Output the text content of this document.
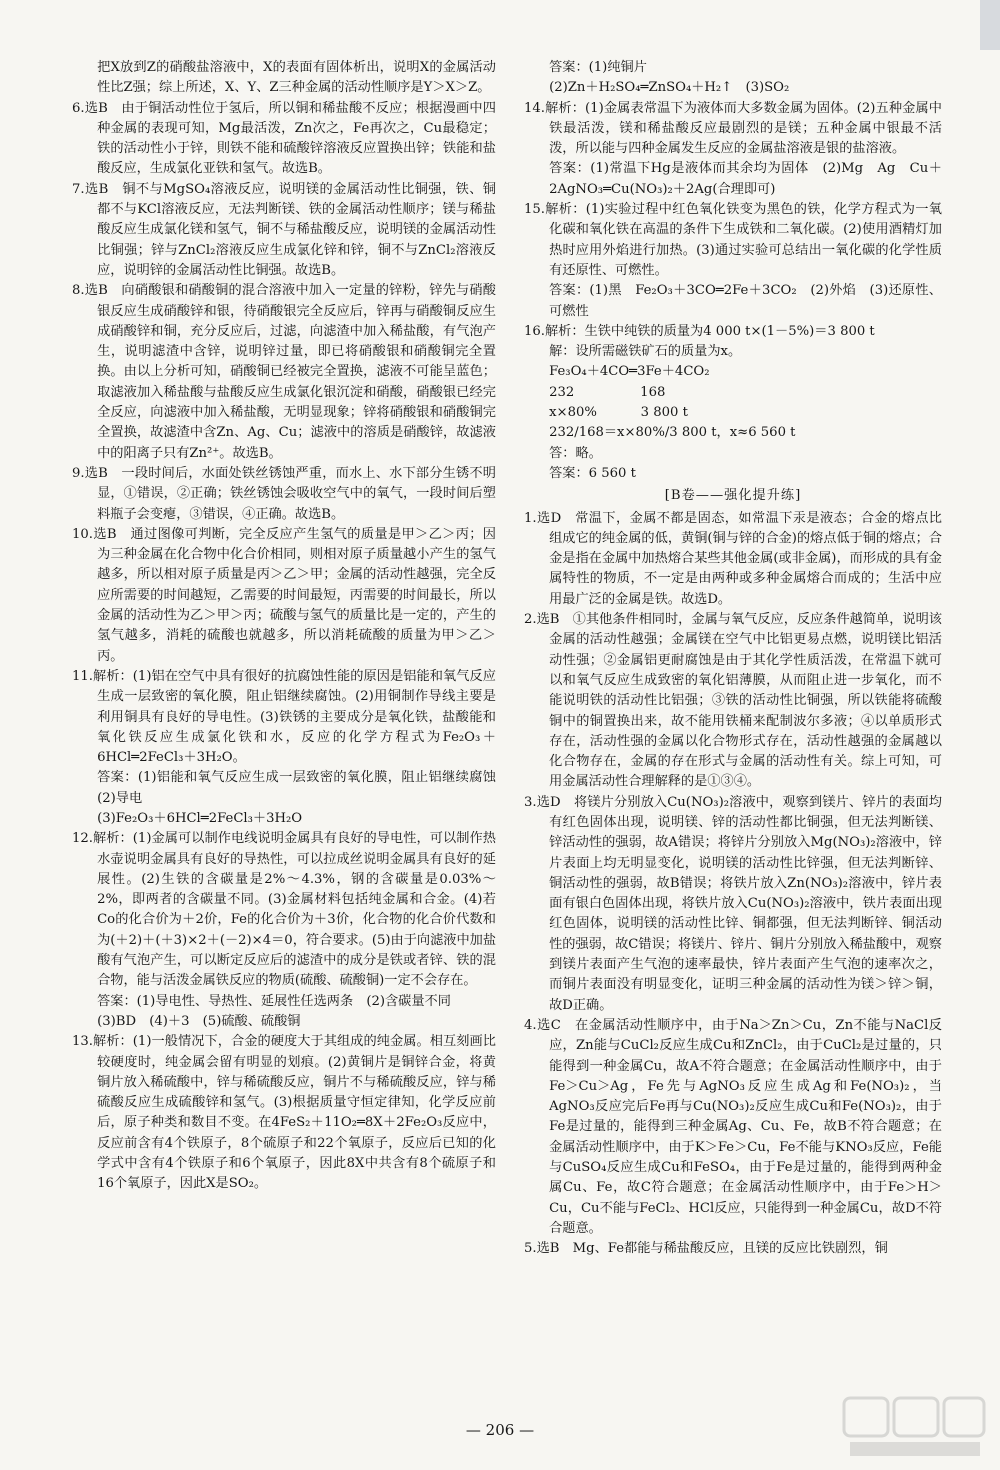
把X放到Z的硝酸盐溶液中，X的表面有固体析出，说明X的金属活动性比Z强；综上所述，X、Y、Z三种金属的活动性顺序是Y＞X＞Z。

6.选B　由于铜活动性位于氢后，所以铜和稀盐酸不反应；根据漫画中四种金属的表现可知，Mg最活泼，Zn次之，Fe再次之，Cu最稳定；铁的活动性小于锌，則铁不能和硫酸锌溶液反应置换出锌；铁能和盐酸反应，生成氯化亚铁和氢气。故选B。

7.选B　铜不与MgSO₄溶液反应，说明镁的金属活动性比铜强，铁、铜都不与KCl溶液反应，无法判断镁、铁的金属活动性顺序；镁与稀盐酸反应生成氯化镁和氢气，铜不与稀盐酸反应，说明镁的金属活动性比铜强；锌与ZnCl₂溶液反应生成氯化锌和锌，铜不与ZnCl₂溶液反应，说明锌的金属活动性比铜强。故选B。

8.选B　向硝酸银和硝酸铜的混合溶液中加入一定量的锌粉，锌先与硝酸银反应生成硝酸锌和银，待硝酸银完全反应后，锌再与硝酸铜反应生成硝酸锌和铜，充分反应后，过滤，向滤渣中加入稀盐酸，有气泡产生，说明滤渣中含锌，说明锌过量，即已将硝酸银和硝酸铜完全置换。由以上分析可知，硝酸铜已经被完全置换，滤液不可能呈蓝色；取滤液加入稀盐酸与盐酸反应生成氯化银沉淀和硝酸，硝酸银已经完全反应，向滤液中加入稀盐酸，无明显现象；锌将硝酸银和硝酸铜完全置换，故滤渣中含Zn、Ag、Cu；滤液中的溶质是硝酸锌，故滤液中的阳离子只有Zn²⁺。故选B。

9.选B　一段时间后，水面处铁丝锈蚀严重，而水上、水下部分生锈不明显，①错误，②正确；铁丝锈蚀会吸收空气中的氧气，一段时间后塑料瓶子会变瘪，③错误，④正确。故选B。

10.选B　通过图像可判断，完全反应产生氢气的质量是甲＞乙＞丙；因为三种金属在化合物中化合价相同，则相对原子质量越小产生的氢气越多，所以相对原子质量是丙＞乙＞甲；金属的活动性越强，完全反应所需要的时间越短，乙需要的时间最短，丙需要的时间最长，所以金属的活动性为乙＞甲＞丙；硫酸与氢气的质量比是一定的，产生的氢气越多，消耗的硫酸也就越多，所以消耗硫酸的质量为甲＞乙＞丙。

11.解析：(1)铝在空气中具有很好的抗腐蚀性能的原因是铝能和氧气反应生成一层致密的氧化膜，阻止铝继续腐蚀。(2)用铜制作导线主要是利用铜具有良好的导电性。(3)铁锈的主要成分是氧化铁，盐酸能和氧化铁反应生成氯化铁和水，反应的化学方程式为Fe₂O₃＋6HCl═2FeCl₃＋3H₂O。

答案：(1)铝能和氧气反应生成一层致密的氧化膜，阻止铝继续腐蚀　(2)导电

(3)Fe₂O₃＋6HCl═2FeCl₃＋3H₂O

12.解析：(1)金属可以制作电线说明金属具有良好的导电性，可以制作热水壶说明金属具有良好的导热性，可以拉成丝说明金属具有良好的延展性。(2)生铁的含碳量是2%～4.3%，钢的含碳量是0.03%～2%，即两者的含碳量不同。(3)金属材料包括纯金属和合金。(4)若Co的化合价为＋2价，Fe的化合价为＋3价，化合物的化合价代数和为(＋2)＋(＋3)×2＋(－2)×4＝0，符合要求。(5)由于向滤液中加盐酸有气泡产生，可以断定反应后的滤渣中的成分是铁或者锌、铁的混合物，能与活泼金属铁反应的物质(硫酸、硫酸铜)一定不会存在。

答案：(1)导电性、导热性、延展性任选两条　(2)含碳量不同

(3)BD　(4)＋3　(5)硫酸、硫酸铜

13.解析：(1)一般情况下，合金的硬度大于其组成的纯金属。相互刻画比较硬度时，纯金属会留有明显的划痕。(2)黄铜片是铜锌合金，将黄铜片放入稀硫酸中，锌与稀硫酸反应，铜片不与稀硫酸反应，锌与稀硫酸反应生成硫酸锌和氢气。(3)根据质量守恒定律知，化学反应前后，原子种类和数目不变。在4FeS₂＋11O₂═8X＋2Fe₂O₃反应中，反应前含有4个铁原子，8个硫原子和22个氧原子，反应后已知的化学式中含有4个铁原子和6个氧原子，因此8X中共含有8个硫原子和16个氧原子，因此X是SO₂。

答案：(1)纯铜片

(2)Zn＋H₂SO₄═ZnSO₄＋H₂↑　(3)SO₂

14.解析：(1)金属表常温下为液体而大多数金属为固体。(2)五种金属中铁最活泼，镁和稀盐酸反应最剧烈的是镁；五种金属中银最不活泼，所以能与四种金属发生反应的金属盐溶液是银的盐溶液。

答案：(1)常温下Hg是液体而其余均为固体　(2)Mg　Ag　Cu＋2AgNO₃═Cu(NO₃)₂＋2Ag(合理即可)

15.解析：(1)实验过程中红色氧化铁变为黑色的铁，化学方程式为一氧化碳和氧化铁在高温的条件下生成铁和二氧化碳。(2)使用酒精灯加热时应用外焰进行加热。(3)通过实验可总结出一氧化碳的化学性质有还原性、可燃性。

答案：(1)黑　Fe₂O₃＋3CO═2Fe＋3CO₂　(2)外焰　(3)还原性、可燃性

16.解析：生铁中纯铁的质量为4 000 t×(1－5%)＝3 800 t

解：设所需磁铁矿石的质量为x。

Fe₃O₄＋4CO═3Fe＋4CO₂

232　　　　　168

x×80%　　　 3 800 t

232/168＝x×80%/3 800 t，x≈6 560 t

答：略。

答案：6 560 t

[B卷——强化提升练]

1.选D　常温下，金属不都是固态，如常温下汞是液态；合金的熔点比组成它的纯金属的低，黄铜(铜与锌的合金)的熔点低于铜的熔点；合金是指在金属中加热熔合某些其他金属(或非金属)，而形成的具有金属特性的物质，不一定是由两种或多种金属熔合而成的；生活中应用最广泛的金属是铁。故选D。

2.选B　①其他条件相同时，金属与氧气反应，反应条件越简单，说明该金属的活动性越强；金属镁在空气中比铝更易点燃，说明镁比铝活动性强；②金属铝更耐腐蚀是由于其化学性质活泼，在常温下就可以和氧气反应生成致密的氧化铝薄膜，从而阻止进一步氧化，而不能说明铁的活动性比铝强；③铁的活动性比铜强，所以铁能将硫酸铜中的铜置换出来，故不能用铁桶来配制波尔多液；④以单质形式存在，活动性强的金属以化合物形式存在，活动性越强的金属越以化合物存在，金属的存在形式与金属的活动性有关。综上可知，可用金属活动性合理解释的是①③④。

3.选D　将镁片分别放入Cu(NO₃)₂溶液中，观察到镁片、锌片的表面均有红色固体出现，说明镁、锌的活动性都比铜强，但无法判断镁、锌活动性的强弱，故A错误；将锌片分别放入Mg(NO₃)₂溶液中，锌片表面上均无明显变化，说明镁的活动性比锌强，但无法判断锌、铜活动性的强弱，故B错误；将铁片放入Zn(NO₃)₂溶液中，锌片表面有银白色固体出现，将铁片放入Cu(NO₃)₂溶液中，铁片表面出现红色固体，说明镁的活动性比锌、铜都强，但无法判断锌、铜活动性的强弱，故C错误；将镁片、锌片、铜片分别放入稀盐酸中，观察到镁片表面产生气泡的速率最快，锌片表面产生气泡的速率次之，而铜片表面没有明显变化，证明三种金属的活动性为镁＞锌＞铜，故D正确。

4.选C　在金属活动性顺序中，由于Na＞Zn＞Cu，Zn不能与NaCl反应，Zn能与CuCl₂反应生成Cu和ZnCl₂，由于CuCl₂是过量的，只能得到一种金属Cu，故A不符合题意；在金属活动性顺序中，由于Fe＞Cu＞Ag，Fe先与AgNO₃反应生成Ag和Fe(NO₃)₂，当AgNO₃反应完后Fe再与Cu(NO₃)₂反应生成Cu和Fe(NO₃)₂，由于Fe是过量的，能得到三种金属Ag、Cu、Fe，故B不符合题意；在金属活动性顺序中，由于K＞Fe＞Cu，Fe不能与KNO₃反应，Fe能与CuSO₄反应生成Cu和FeSO₄，由于Fe是过量的，能得到两种金属Cu、Fe，故C符合题意；在金属活动性顺序中，由于Fe＞H＞Cu，Cu不能与FeCl₂、HCl反应，只能得到一种金属Cu，故D不符合题意。

5.选B　Mg、Fe都能与稀盐酸反应，且镁的反应比铁剧烈，铜

— 206 —
